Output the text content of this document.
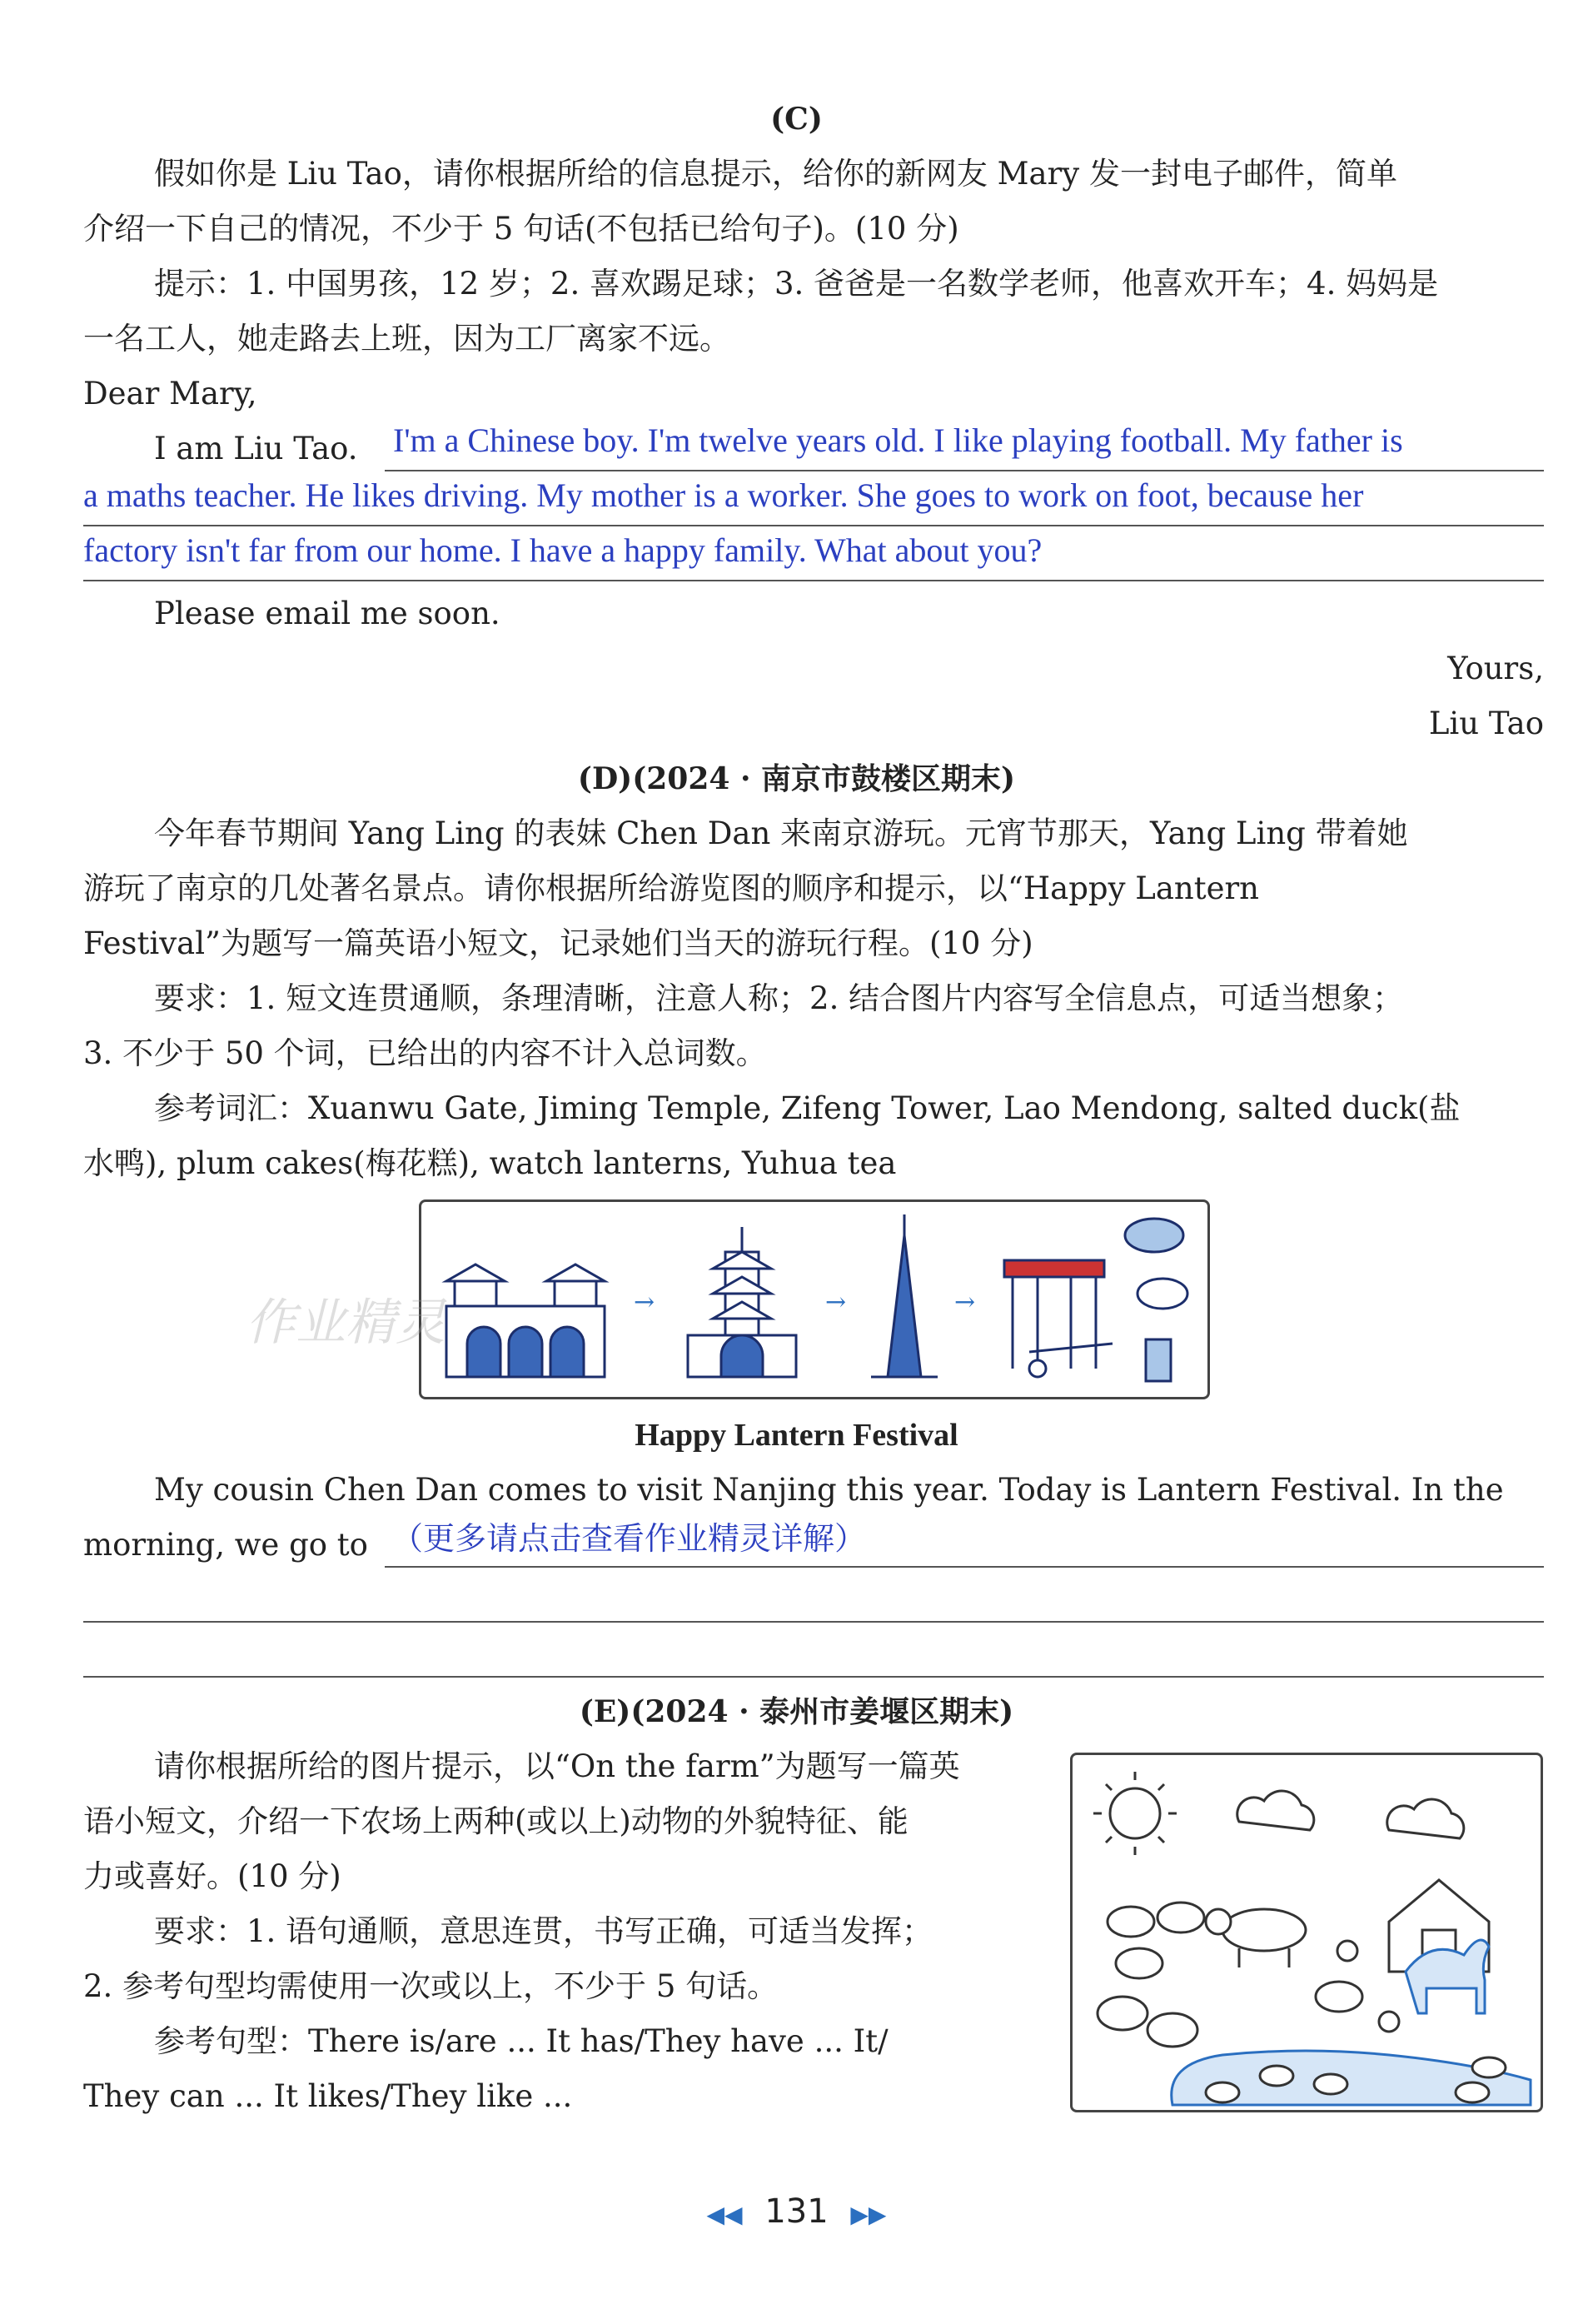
(C)
假如你是 Liu Tao，请你根据所给的信息提示，给你的新网友 Mary 发一封电子邮件，简单
介绍一下自己的情况，不少于 5 句话(不包括已给句子)。(10 分)
提示：1. 中国男孩，12 岁；2. 喜欢踢足球；3. 爸爸是一名数学老师，他喜欢开车；4. 妈妈是
一名工人，她走路去上班，因为工厂离家不远。
Dear Mary,
I am Liu Tao. I'm a Chinese boy. I'm twelve years old. I like playing football. My father is
a maths teacher. He likes driving. My mother is a worker. She goes to work on foot, because her
factory isn't far from our home. I have a happy family. What about you?
Please email me soon.
Yours,
Liu Tao
(D)(2024 · 南京市鼓楼区期末)
今年春节期间 Yang Ling 的表妹 Chen Dan 来南京游玩。元宵节那天，Yang Ling 带着她
游玩了南京的几处著名景点。请你根据所给游览图的顺序和提示，以“Happy Lantern
Festival”为题写一篇英语小短文，记录她们当天的游玩行程。(10 分)
要求：1. 短文连贯通顺，条理清晰，注意人称；2. 结合图片内容写全信息点，可适当想象；
3. 不少于 50 个词，已给出的内容不计入总词数。
参考词汇：Xuanwu Gate, Jiming Temple, Zifeng Tower, Lao Mendong, salted duck(盐
水鸭), plum cakes(梅花糕), watch lanterns, Yuhua tea
→	→	→
作业精灵
Happy Lantern Festival
My cousin Chen Dan comes to visit Nanjing this year. Today is Lantern Festival. In the
morning, we go to （更多请点击查看作业精灵详解）
(E)(2024 · 泰州市姜堰区期末)
请你根据所给的图片提示，以“On the farm”为题写一篇英
语小短文，介绍一下农场上两种(或以上)动物的外貌特征、能
力或喜好。(10 分)
要求：1. 语句通顺，意思连贯，书写正确，可适当发挥；
2. 参考句型均需使用一次或以上，不少于 5 句话。
参考句型：There is/are ... It has/They have ... It/
They can ... It likes/They like ...
◀◀ 131 ▶▶
